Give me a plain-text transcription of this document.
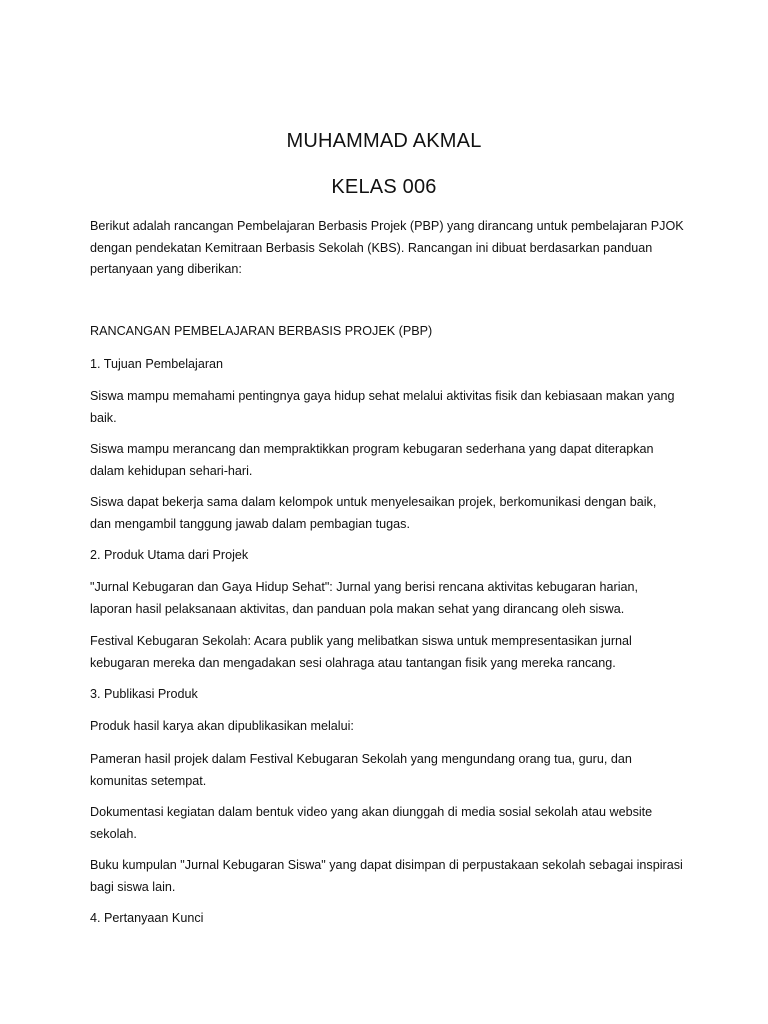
MUHAMMAD AKMAL
KELAS 006

Berikut adalah rancangan Pembelajaran Berbasis Projek (PBP) yang dirancang untuk pembelajaran PJOK
dengan pendekatan Kemitraan Berbasis Sekolah (KBS). Rancangan ini dibuat berdasarkan panduan
pertanyaan yang diberikan:

RANCANGAN PEMBELAJARAN BERBASIS PROJEK (PBP)

1. Tujuan Pembelajaran

Siswa mampu memahami pentingnya gaya hidup sehat melalui aktivitas fisik dan kebiasaan makan yang
baik.

Siswa mampu merancang dan mempraktikkan program kebugaran sederhana yang dapat diterapkan
dalam kehidupan sehari-hari.

Siswa dapat bekerja sama dalam kelompok untuk menyelesaikan projek, berkomunikasi dengan baik,
dan mengambil tanggung jawab dalam pembagian tugas.

2. Produk Utama dari Projek

"Jurnal Kebugaran dan Gaya Hidup Sehat": Jurnal yang berisi rencana aktivitas kebugaran harian,
laporan hasil pelaksanaan aktivitas, dan panduan pola makan sehat yang dirancang oleh siswa.

Festival Kebugaran Sekolah: Acara publik yang melibatkan siswa untuk mempresentasikan jurnal
kebugaran mereka dan mengadakan sesi olahraga atau tantangan fisik yang mereka rancang.

3. Publikasi Produk

Produk hasil karya akan dipublikasikan melalui:

Pameran hasil projek dalam Festival Kebugaran Sekolah yang mengundang orang tua, guru, dan
komunitas setempat.

Dokumentasi kegiatan dalam bentuk video yang akan diunggah di media sosial sekolah atau website
sekolah.

Buku kumpulan "Jurnal Kebugaran Siswa" yang dapat disimpan di perpustakaan sekolah sebagai inspirasi
bagi siswa lain.

4. Pertanyaan Kunci
